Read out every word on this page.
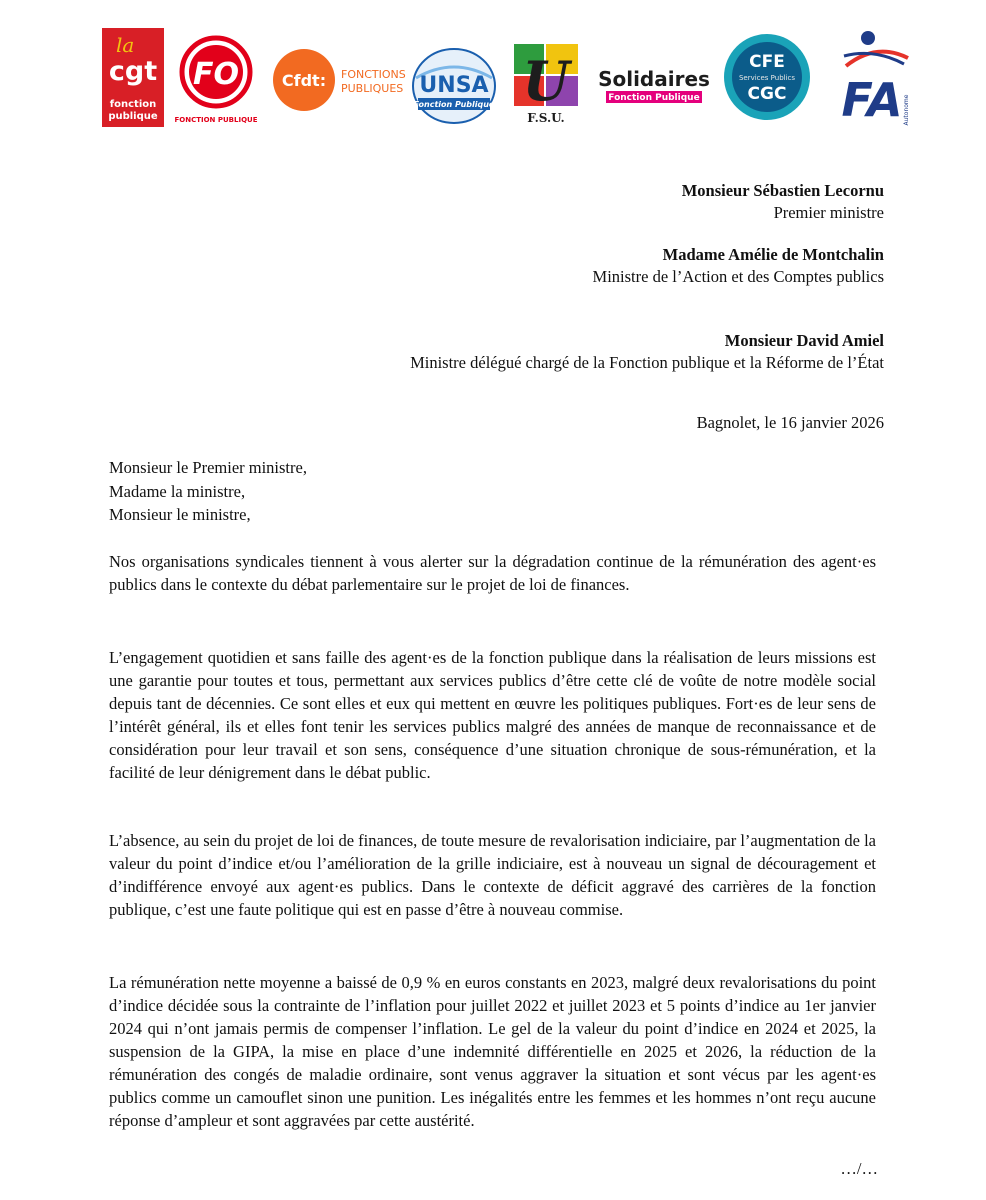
la
cgt
fonction
publique
FO
FONCTION PUBLIQUE
Cfdt: FONCTIONS
PUBLIQUES UNSA
Fonction Publique U
F.S.U.
Solidaires
Fonction Publique
CFE
Services Publics
CGC FA Autonome
Monsieur Sébastien Lecornu
Premier ministre
Madame Amélie de Montchalin
Ministre de l’Action et des Comptes publics
Monsieur David Amiel
Ministre délégué chargé de la Fonction publique et la Réforme de l’État
Bagnolet, le 16 janvier 2026
Monsieur le Premier ministre,
Madame la ministre,
Monsieur le ministre,

Nos organisations syndicales tiennent à vous alerter sur la dégradation continue de la rémunération des agent·es publics dans le contexte du débat parlementaire sur le projet de loi de finances.

L’engagement quotidien et sans faille des agent·es de la fonction publique dans la réalisation de leurs missions est une garantie pour toutes et tous, permettant aux services publics d’être cette clé de voûte de notre modèle social depuis tant de décennies. Ce sont elles et eux qui mettent en œuvre les politiques publiques. Fort·es de leur sens de l’intérêt général, ils et elles font tenir les services publics malgré des années de manque de reconnaissance et de considération pour leur travail et son sens, conséquence d’une situation chronique de sous-rémunération, et la facilité de leur dénigrement dans le débat public.

L’absence, au sein du projet de loi de finances, de toute mesure de revalorisation indiciaire, par l’augmentation de la valeur du point d’indice et/ou l’amélioration de la grille indiciaire, est à nouveau un signal de découragement et d’indifférence envoyé aux agent·es publics. Dans le contexte de déficit aggravé des carrières de la fonction publique, c’est une faute politique qui est en passe d’être à nouveau commise.

La rémunération nette moyenne a baissé de 0,9 % en euros constants en 2023, malgré deux revalorisations du point d’indice décidée sous la contrainte de l’inflation pour juillet 2022 et juillet 2023 et 5 points d’indice au 1er janvier 2024 qui n’ont jamais permis de compenser l’inflation. Le gel de la valeur du point d’indice en 2024 et 2025, la suspension de la GIPA, la mise en place d’une indemnité différentielle en 2025 et 2026, la réduction de la rémunération des congés de maladie ordinaire, sont venus aggraver la situation et sont vécus par les agent·es publics comme un camouflet sinon une punition. Les inégalités entre les femmes et les hommes n’ont reçu aucune réponse d’ampleur et sont aggravées par cette austérité.

…/…
